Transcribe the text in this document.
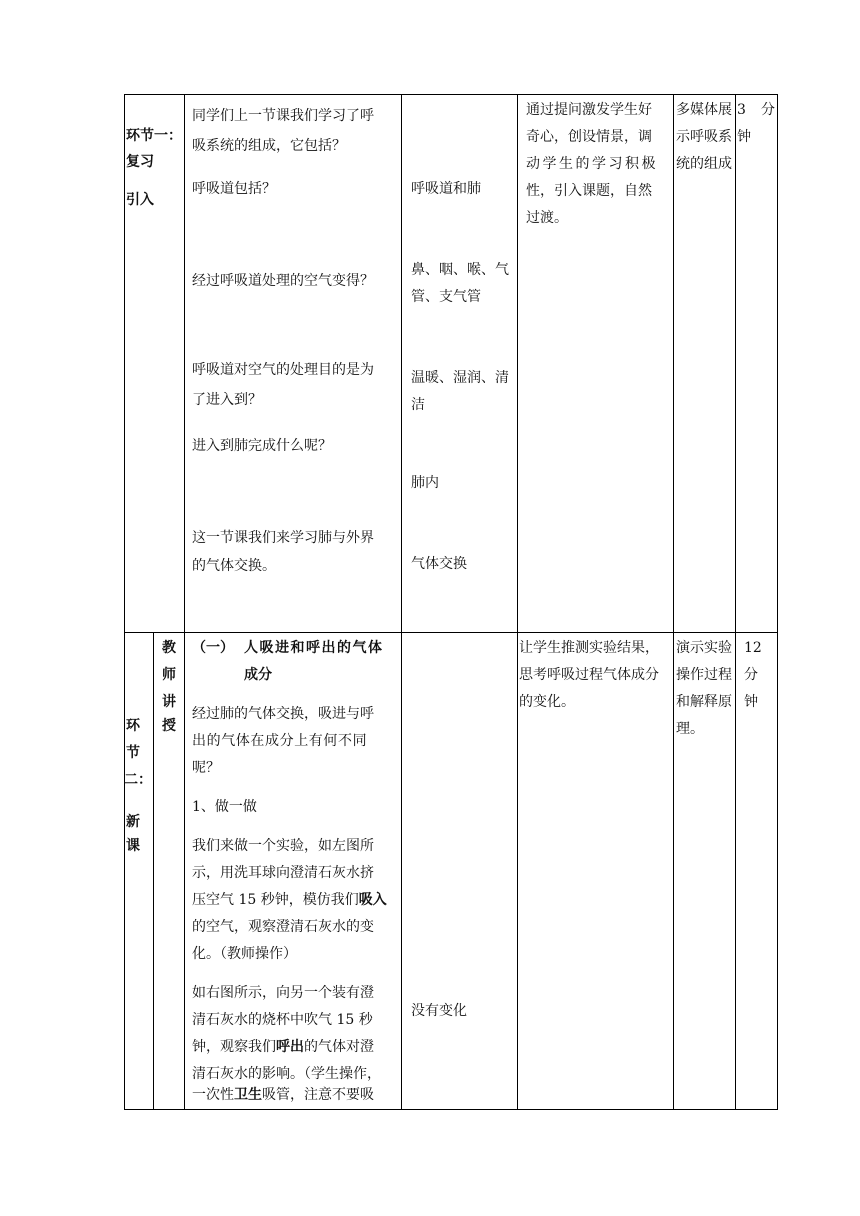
环节一：
复习
引入
同学们上一节课我们学习了呼
吸系统的组成，它包括？
呼吸道包括？
经过呼吸道处理的空气变得？
呼吸道对空气的处理目的是为
了进入到？
进入到肺完成什么呢？
这一节课我们来学习肺与外界
的气体交换。
呼吸道和肺
鼻、咽、喉、气
管、支气管
温暖、湿润、清
洁
肺内
气体交换
通过提问激发学生好
奇心，创设情景，调
动学生的学习积极
性，引入课题，自然
过渡。
多媒体展
示呼吸系
统的组成
3 分
钟
环
节
二：
新
课
教
师
讲
授
（一） 人吸进和呼出的气体
成分
经过肺的气体交换，吸进与呼
出的气体在成分上有何不同
呢？
1、做一做
我们来做一个实验，如左图所
示，用洗耳球向澄清石灰水挤
压空气 15 秒钟，模仿我们吸入
的空气，观察澄清石灰水的变
化。（教师操作）
如右图所示，向另一个装有澄
清石灰水的烧杯中吹气 15 秒
钟，观察我们呼出的气体对澄
清石灰水的影响。（学生操作，
一次性卫生吸管，注意不要吸
没有变化
让学生推测实验结果，
思考呼吸过程气体成分
的变化。
演示实验
操作过程
和解释原
理。
12
分
钟
